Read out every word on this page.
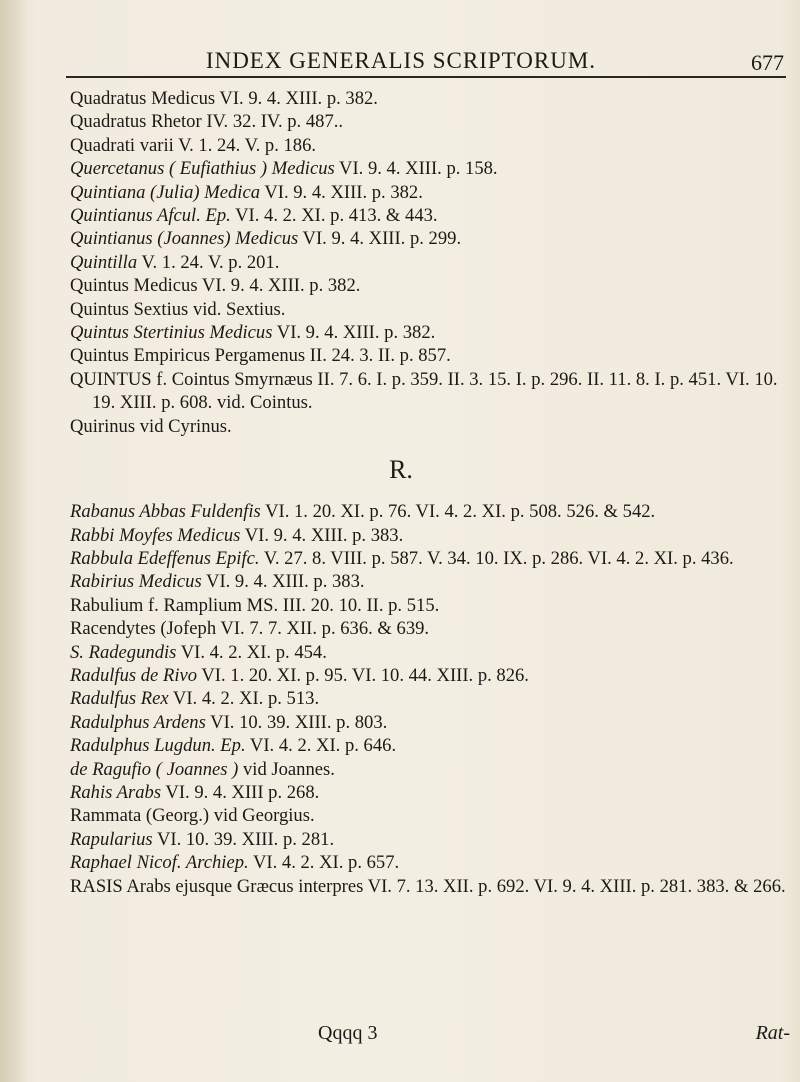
INDEX GENERALIS SCRIPTORUM.	677
Quadratus Medicus VI. 9. 4. XIII. p. 382.
Quadratus Rhetor IV. 32. IV. p. 487..
Quadrati varii V. 1. 24. V. p. 186.
Quercetanus ( Eufiathius ) Medicus VI. 9. 4. XIII. p. 158.
Quintiana (Julia) Medica VI. 9. 4. XIII. p. 382.
Quintianus Afcul. Ep. VI. 4. 2. XI. p. 413. & 443.
Quintianus (Joannes) Medicus VI. 9. 4. XIII. p. 299.
Quintilla V. 1. 24. V. p. 201.
Quintus Medicus VI. 9. 4. XIII. p. 382.
Quintus Sextius vid. Sextius.
Quintus Stertinius Medicus VI. 9. 4. XIII. p. 382.
Quintus Empiricus Pergamenus II. 24. 3. II. p. 857.
QUINTUS f. Cointus Smyrnæus II. 7. 6. I. p. 359. II. 3. 15. I. p. 296. II. 11. 8. I. p. 451. VI. 10. 19. XIII. p. 608. vid. Cointus.
Quirinus vid Cyrinus.
R.
Rabanus Abbas Fuldenfis VI. 1. 20. XI. p. 76. VI. 4. 2. XI. p. 508. 526. & 542.
Rabbi Moyfes Medicus VI. 9. 4. XIII. p. 383.
Rabbula Edeffenus Epifc. V. 27. 8. VIII. p. 587. V. 34. 10. IX. p. 286. VI. 4. 2. XI. p. 436.
Rabirius Medicus VI. 9. 4. XIII. p. 383.
Rabulium f. Ramplium MS. III. 20. 10. II. p. 515.
Racendytes (Jofeph VI. 7. 7. XII. p. 636. & 639.
S. Radegundis VI. 4. 2. XI. p. 454.
Radulfus de Rivo VI. 1. 20. XI. p. 95. VI. 10. 44. XIII. p. 826.
Radulfus Rex VI. 4. 2. XI. p. 513.
Radulphus Ardens VI. 10. 39. XIII. p. 803.
Radulphus Lugdun. Ep. VI. 4. 2. XI. p. 646.
de Ragufio ( Joannes ) vid Joannes.
Rahis Arabs VI. 9. 4. XIII p. 268.
Rammata (Georg.) vid Georgius.
Rapularius VI. 10. 39. XIII. p. 281.
Raphael Nicof. Archiep. VI. 4. 2. XI. p. 657.
RASIS Arabs ejusque Græcus interpres VI. 7. 13. XII. p. 692. VI. 9. 4. XIII. p. 281. 383. & 266.
Qqqq 3	Rat-
